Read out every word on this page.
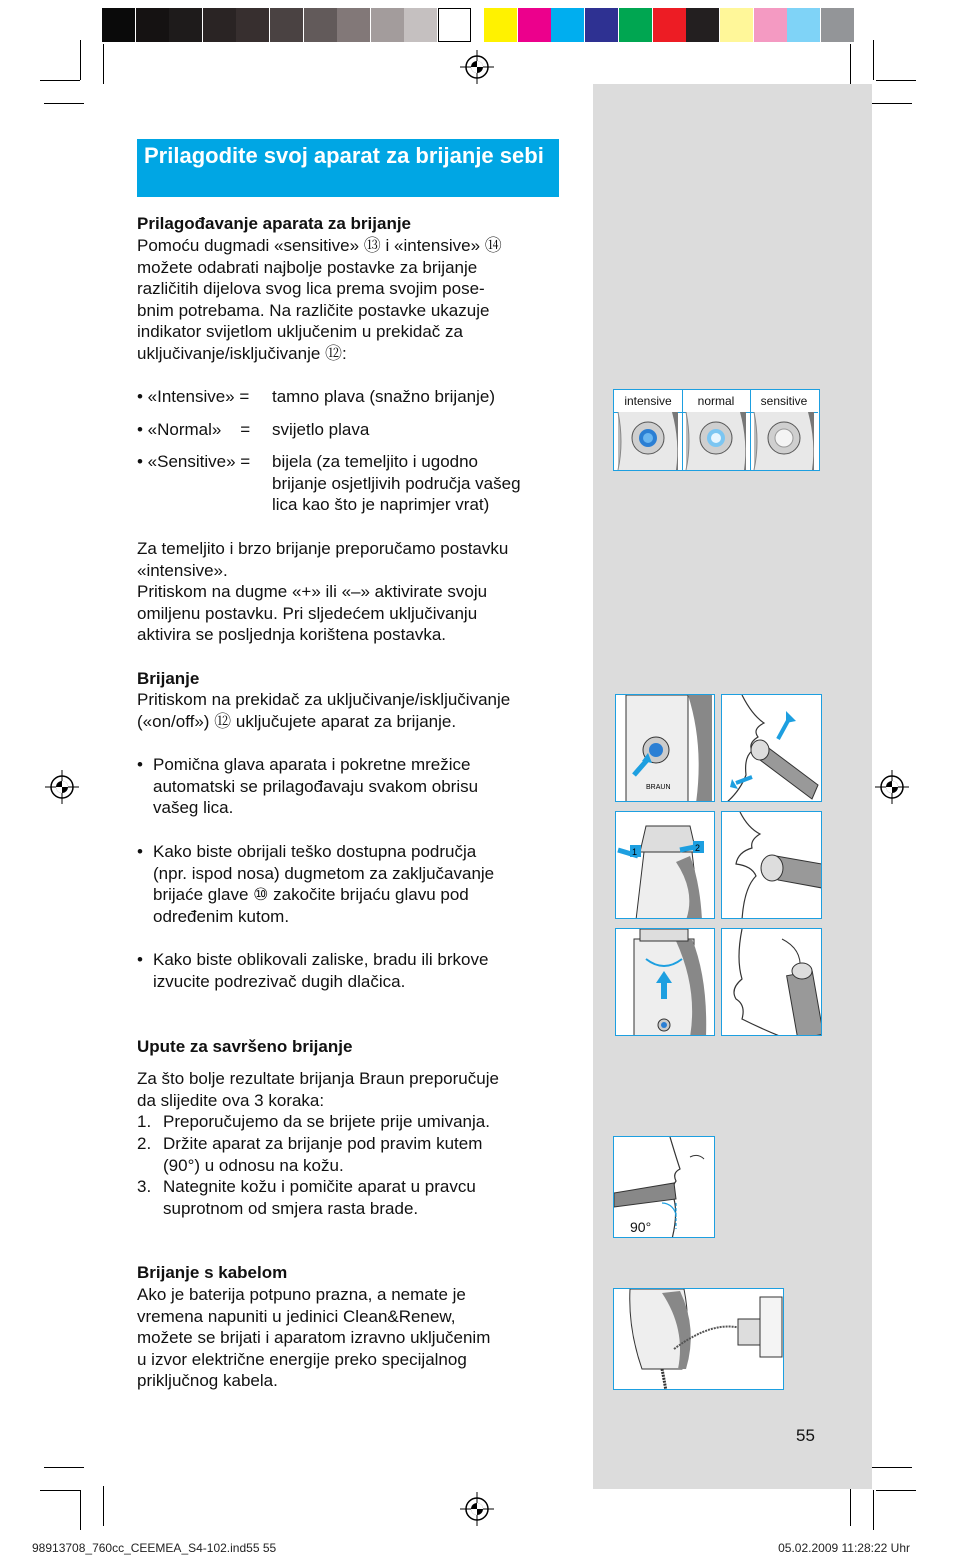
Prilagodite svoj aparat za brijanje sebi
Prilagođavanje aparata za brijanje
Pomoću dugmadi «sensitive» ⑬ i «intensive» ⑭
možete odabrati najbolje postavke za brijanje
različitih dijelova svog lica prema svojim pose-
bnim potrebama. Na različite postavke ukazuje
indikator svijetlom uključenim u prekidač za
uključivanje/isključivanje ⑫:
• «Intensive» = tamno plava (snažno brijanje)
• «Normal»    = svijetlo plava
• «Sensitive» = bijela (za temeljito i ugodno
brijanje osjetljivih područja vašeg
lica kao što je naprimjer vrat)
Za temeljito i brzo brijanje preporučamo postavku
«intensive».
Pritiskom na dugme «+» ili «–» aktivirate svoju
omiljenu postavku. Pri sljedećem uključivanju
aktivira se posljednja korištena postavka.
Brijanje
Pritiskom na prekidač za uključivanje/isključivanje
(«on/off») ⑫ uključujete aparat za brijanje.
• Pomična glava aparata i pokretne mrežice
automatski se prilagođavaju svakom obrisu
vašeg lica.
• Kako biste obrijali teško dostupna područja
(npr. ispod nosa) dugmetom za zaključavanje
brijaće glave ⑩ zakočite brijaću glavu pod
određenim kutom.
• Kako biste oblikovali zaliske, bradu ili brkove
izvucite podrezivač dugih dlačica.
Upute za savršeno brijanje
Za što bolje rezultate brijanja Braun preporučuje
da slijedite ova 3 koraka:
1. Preporučujemo da se brijete prije umivanja.
2. Držite aparat za brijanje pod pravim kutem
(90°) u odnosu na kožu.
3. Nategnite kožu i pomičite aparat u pravcu
suprotnom od smjera rasta brade.
Brijanje s kabelom
Ako je baterija potpuno prazna, a nemate je
vremena napuniti u jedinici Clean&Renew,
možete se brijati i aparatom izravno uključenim
u izvor električne energije preko specijalnog
priključnog kabela.
intensive	normal	sensitive
BRAUN
1	2
90°
55
98913708_760cc_CEEMEA_S4-102.ind55 55	05.02.2009 11:28:22 Uhr
